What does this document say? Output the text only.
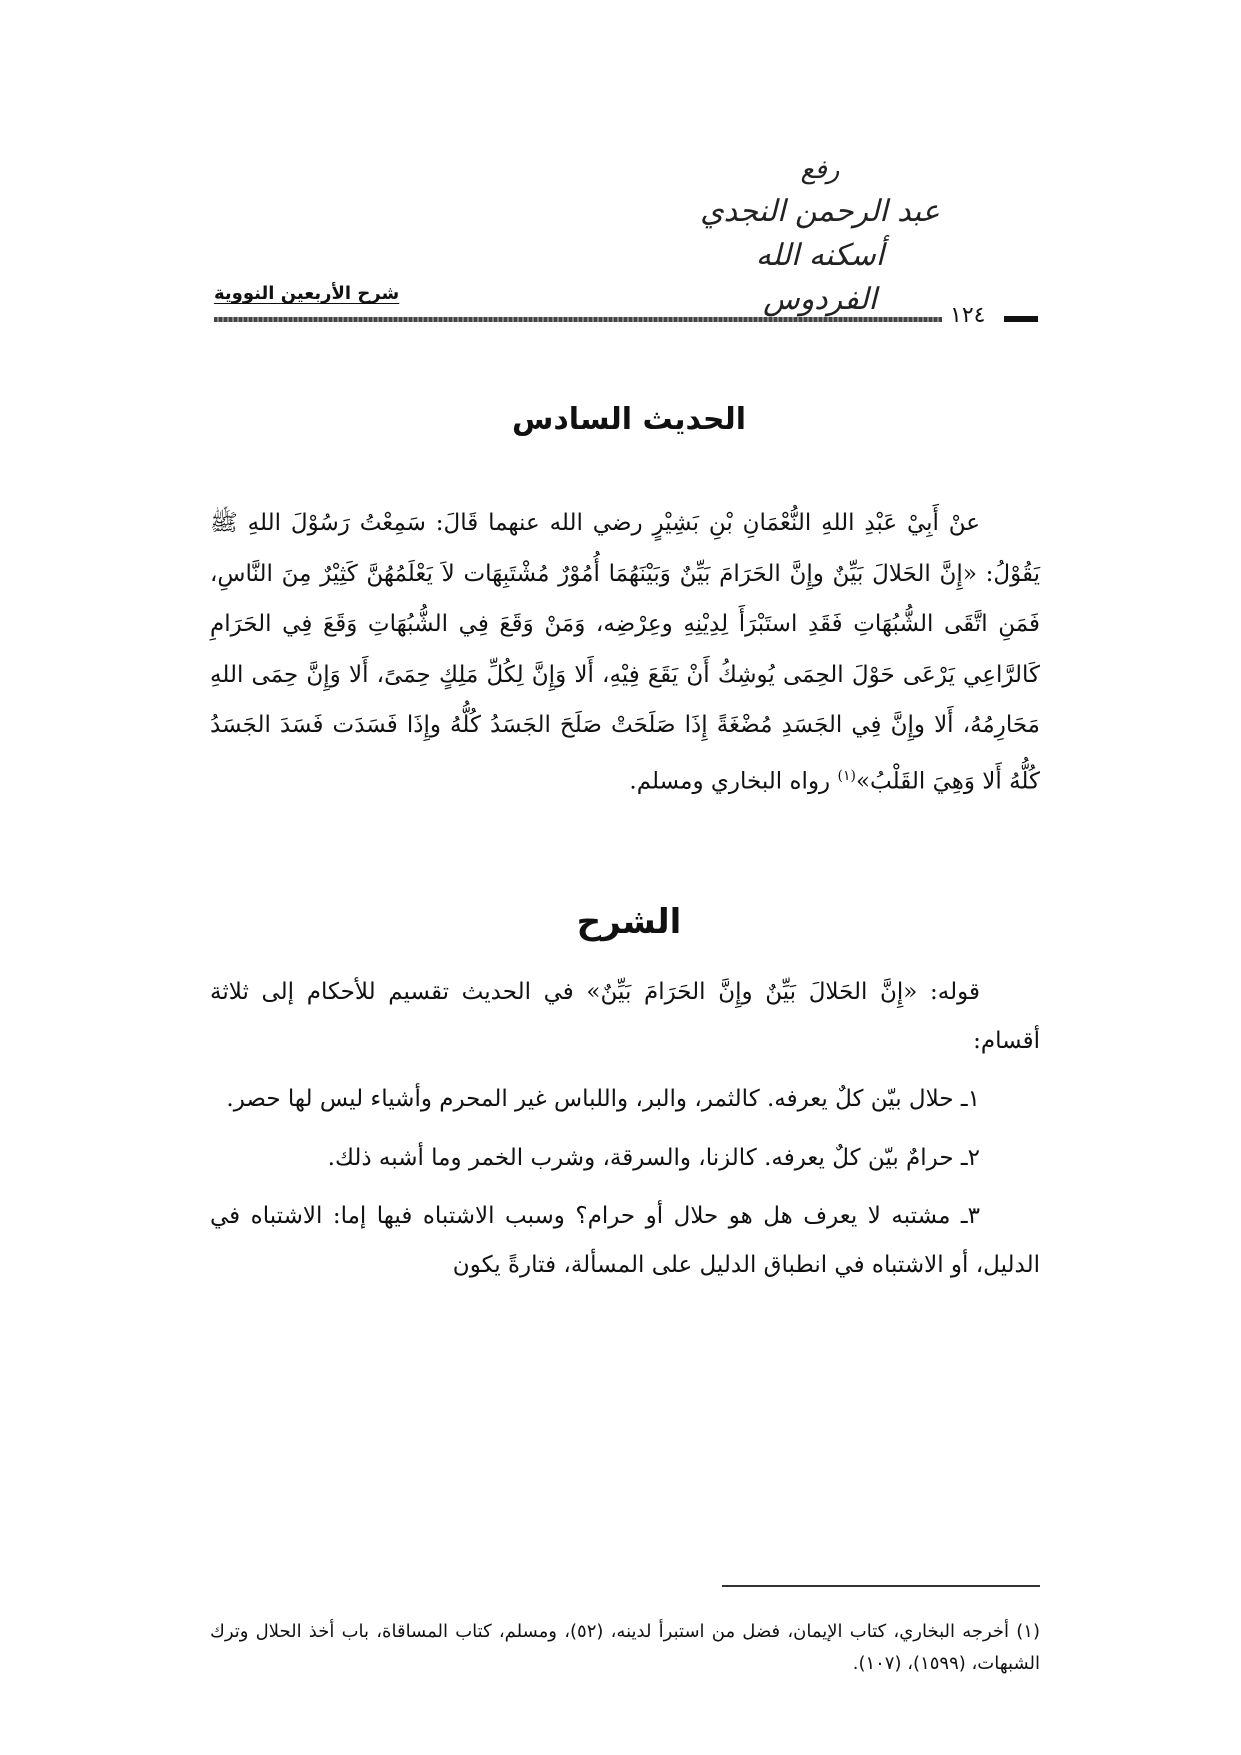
رفع
عبد الرحمن النجدي
أسكنه الله الفردوس
شرح الأربعين النووية
١٢٤
الحديث السادس

عنْ أَبِيْ عَبْدِ اللهِ النُّعْمَانِ بْنِ بَشِيْرٍ رضي الله عنهما قَالَ: سَمِعْتُ رَسُوْلَ اللهِ ﷺ يَقُوْلُ: «إِنَّ الحَلالَ بَيِّنٌ وإِنَّ الحَرَامَ بَيِّنٌ وَبَيْنَهُمَا أُمُوْرٌ مُشْتَبِهَات لاَ يَعْلَمُهُنَّ كَثِيْرٌ مِنَ النَّاسِ، فَمَنِ اتَّقَى الشُّبُهَاتِ فَقَدِ استَبْرَأَ لِدِيْنِهِ وعِرْضِه، وَمَنْ وَقَعَ فِي الشُّبُهَاتِ وَقَعَ فِي الحَرَامِ كَالرَّاعِي يَرْعَى حَوْلَ الحِمَى يُوشِكُ أَنْ يَقَعَ فِيْهِ، أَلا وَإِنَّ لِكُلِّ مَلِكٍ حِمَىً، أَلا وَإِنَّ حِمَى اللهِ مَحَارِمُهُ، أَلا وإِنَّ فِي الجَسَدِ مُضْغَةً إِذَا صَلَحَتْ صَلَحَ الجَسَدُ كُلُّهُ وإِذَا فَسَدَت فَسَدَ الجَسَدُ كُلُّهُ أَلا وَهِيَ القَلْبُ»$^{(١)}$ رواه البخاري ومسلم.

الشرح

قوله: «إِنَّ الحَلالَ بَيِّنٌ وإِنَّ الحَرَامَ بَيِّنٌ» في الحديث تقسيم للأحكام إلى ثلاثة أقسام:

١ـ حلال بيّن كلٌ يعرفه. كالثمر، والبر، واللباس غير المحرم وأشياء ليس لها حصر.

٢ـ حرامٌ بيّن كلٌ يعرفه. كالزنا، والسرقة، وشرب الخمر وما أشبه ذلك.

٣ـ مشتبه لا يعرف هل هو حلال أو حرام؟ وسبب الاشتباه فيها إما: الاشتباه في الدليل، أو الاشتباه في انطباق الدليل على المسألة، فتارةً يكون

(١) أخرجه البخاري، كتاب الإيمان، فضل من استبرأ لدينه، (٥٢)، ومسلم، كتاب المساقاة، باب أخذ الحلال وترك الشبهات، (١٥٩٩)، (١٠٧).
